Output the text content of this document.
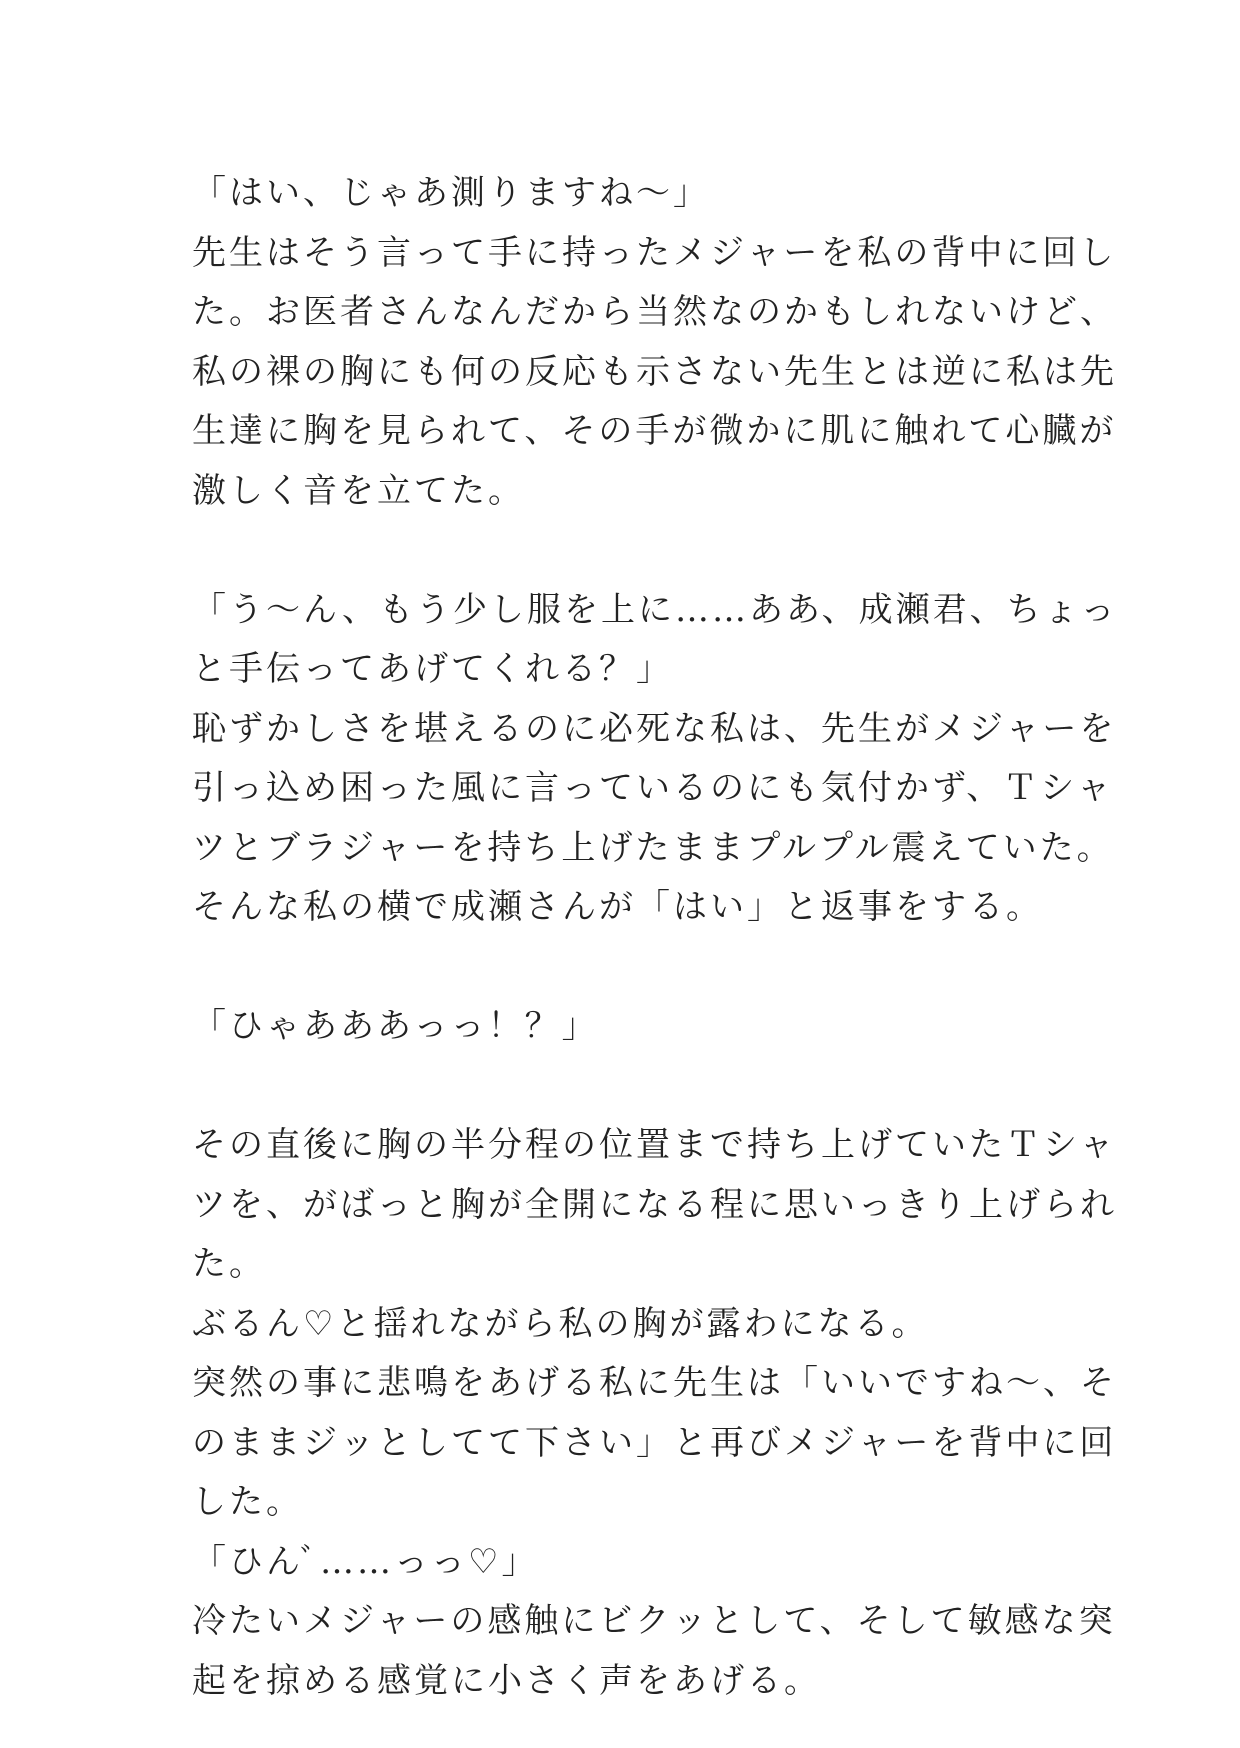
「はい、じゃあ測りますね〜」
先生はそう言って手に持ったメジャーを私の背中に回し
た。お医者さんなんだから当然なのかもしれないけど、
私の裸の胸にも何の反応も示さない先生とは逆に私は先
生達に胸を見られて、その手が微かに肌に触れて心臓が
激しく音を立てた。
「う〜ん、もう少し服を上に……ああ、成瀬君、ちょっ
と手伝ってあげてくれる？」
恥ずかしさを堪えるのに必死な私は、先生がメジャーを
引っ込め困った風に言っているのにも気付かず、Ｔシャ
ツとブラジャーを持ち上げたままプルプル震えていた。
そんな私の横で成瀬さんが「はい」と返事をする。
「ひゃあああっっ！？」
その直後に胸の半分程の位置まで持ち上げていたＴシャ
ツを、がばっと胸が全開になる程に思いっきり上げられ
た。
ぶるん♡と揺れながら私の胸が露わになる。
突然の事に悲鳴をあげる私に先生は「いいですね〜、そ
のままジッとしてて下さい」と再びメジャーを背中に回
した。
「ひんﾞ……っっ♡」
冷たいメジャーの感触にビクッとして、そして敏感な突
起を掠める感覚に小さく声をあげる。
